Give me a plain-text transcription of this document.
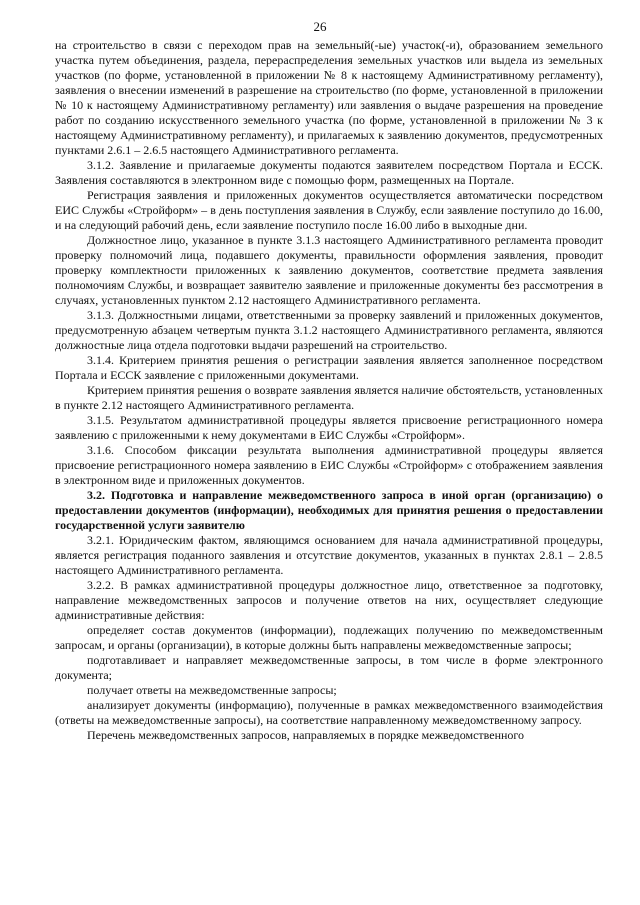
26

на строительство в связи с переходом прав на земельный(-ые) участок(-и), образованием земельного участка путем объединения, раздела, перераспределения земельных участков или выдела из земельных участков (по форме, установленной в приложении № 8 к настоящему Административному регламенту), заявления о внесении изменений в разрешение на строительство (по форме, установленной в приложении № 10 к настоящему Административному регламенту) или заявления о выдаче разрешения на проведение работ по созданию искусственного земельного участка (по форме, установленной в приложении № 3 к настоящему Административному регламенту), и прилагаемых к заявлению документов, предусмотренных пунктами 2.6.1 – 2.6.5 настоящего Административного регламента.

3.1.2. Заявление и прилагаемые документы подаются заявителем посредством Портала и ЕССК. Заявления составляются в электронном виде с помощью форм, размещенных на Портале.

Регистрация заявления и приложенных документов осуществляется автоматически посредством ЕИС Службы «Стройформ» – в день поступления заявления в Службу, если заявление поступило до 16.00, и на следующий рабочий день, если заявление поступило после 16.00 либо в выходные дни.

Должностное лицо, указанное в пункте 3.1.3 настоящего Административного регламента проводит проверку полномочий лица, подавшего документы, правильности оформления заявления, проводит проверку комплектности приложенных к заявлению документов, соответствие предмета заявления полномочиям Службы, и возвращает заявителю заявление и приложенные документы без рассмотрения в случаях, установленных пунктом 2.12 настоящего Административного регламента.

3.1.3. Должностными лицами, ответственными за проверку заявлений и приложенных документов, предусмотренную абзацем четвертым пункта 3.1.2 настоящего Административного регламента, являются должностные лица отдела подготовки выдачи разрешений на строительство.

3.1.4. Критерием принятия решения о регистрации заявления является заполненное посредством Портала и ЕССК заявление с приложенными документами.

Критерием принятия решения о возврате заявления является наличие обстоятельств, установленных в пункте 2.12 настоящего Административного регламента.

3.1.5. Результатом административной процедуры является присвоение регистрационного номера заявлению с приложенными к нему документами в ЕИС Службы «Стройформ».

3.1.6. Способом фиксации результата выполнения административной процедуры является присвоение регистрационного номера заявлению в ЕИС Службы «Стройформ» с отображением заявления в электронном виде и приложенных документов.

3.2. Подготовка и направление межведомственного запроса в иной орган (организацию) о предоставлении документов (информации), необходимых для принятия решения о предоставлении государственной услуги заявителю

3.2.1. Юридическим фактом, являющимся основанием для начала административной процедуры, является регистрация поданного заявления и отсутствие документов, указанных в пунктах 2.8.1 – 2.8.5 настоящего Административного регламента.

3.2.2. В рамках административной процедуры должностное лицо, ответственное за подготовку, направление межведомственных запросов и получение ответов на них, осуществляет следующие административные действия:

определяет состав документов (информации), подлежащих получению по межведомственным запросам, и органы (организации), в которые должны быть направлены межведомственные запросы;

подготавливает и направляет межведомственные запросы, в том числе в форме электронного документа;

получает ответы на межведомственные запросы;

анализирует документы (информацию), полученные в рамках межведомственного взаимодействия (ответы на межведомственные запросы), на соответствие направленному межведомственному запросу.

Перечень межведомственных запросов, направляемых в порядке межведомственного
